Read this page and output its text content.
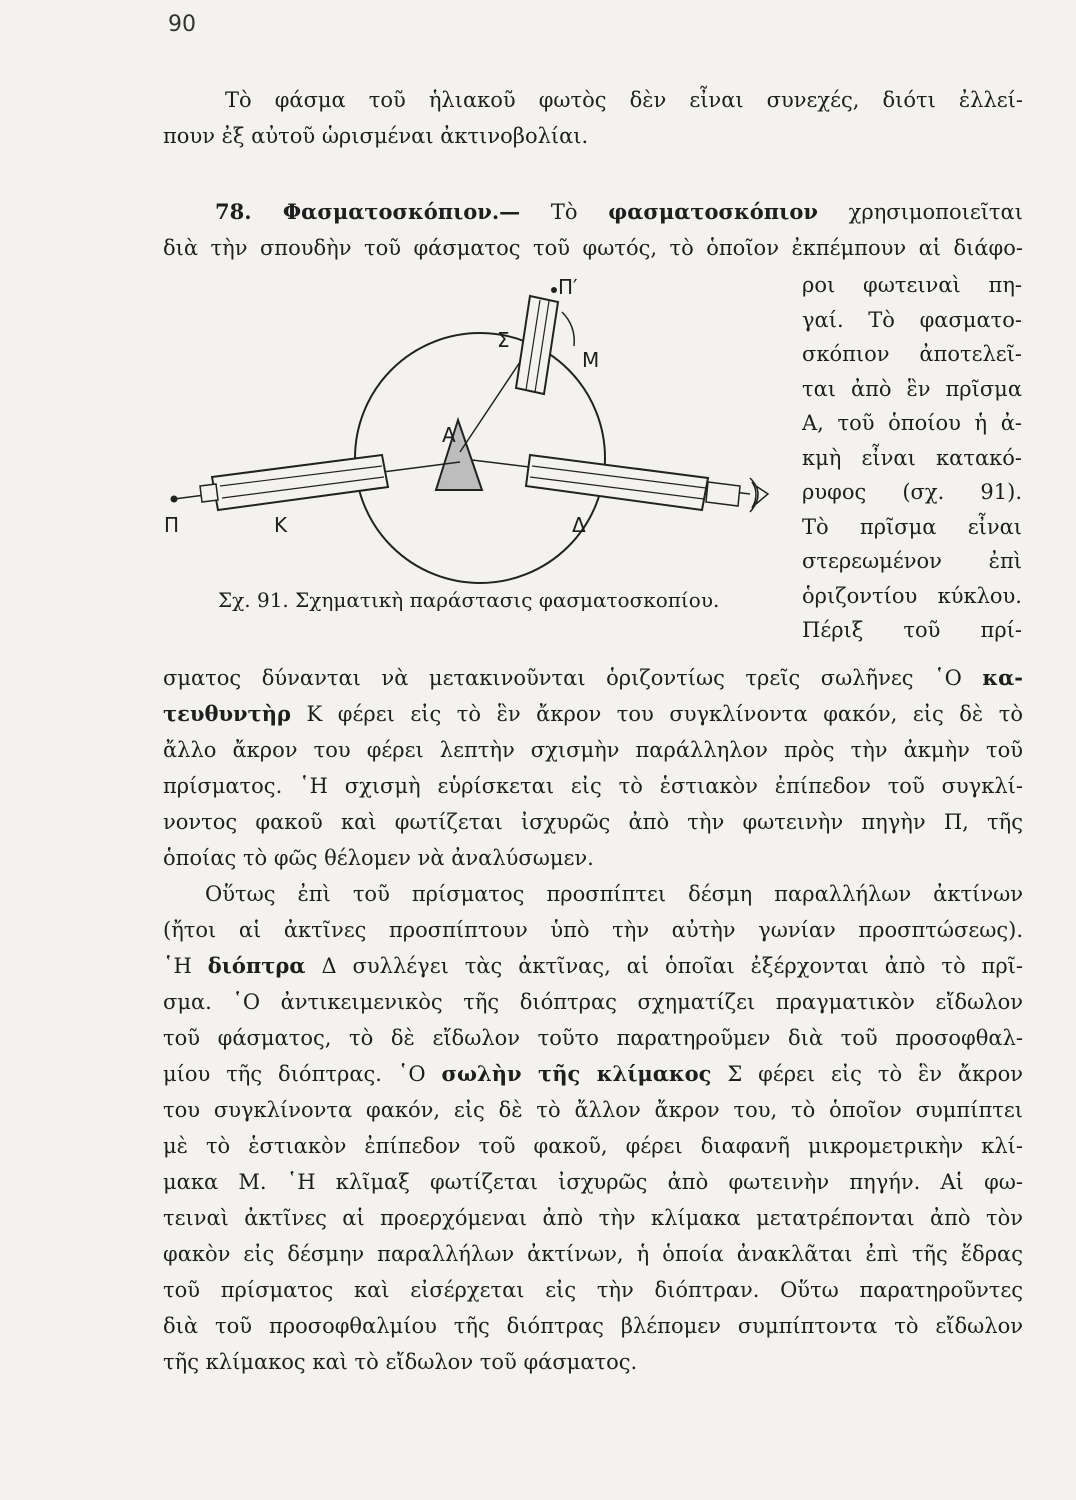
90
Τὸ φάσμα τοῦ ἡλιακοῦ φωτὸς δὲν εἶναι συνεχές, διότι ἐλλεί-
πουν ἐξ αὐτοῦ ὡρισμέναι ἀκτινοβολίαι.
78. Φασματοσκόπιον.— Τὸ φασματοσκόπιον χρησιμοποιεῖται
διὰ τὴν σπουδὴν τοῦ φάσματος τοῦ φωτός, τὸ ὁποῖον ἐκπέμπουν αἱ διάφο-
ροι φωτειναὶ πη-
γαί. Τὸ φασματο-
σκόπιον ἀποτελεῖ-
ται ἀπὸ ἓν πρῖσμα
Α, τοῦ ὁποίου ἡ ἀ-
κμὴ εἶναι κατακό-
ρυφος (σχ. 91).
Τὸ πρῖσμα εἶναι
στερεωμένον ἐπὶ
ὁριζοντίου κύκλου.
Πέριξ τοῦ πρί-
Π′
Σ
Μ
Α
Π	Κ	Δ
Σχ. 91. Σχηματικὴ παράστασις φασματοσκοπίου.
σματος δύνανται νὰ μετακινοῦνται ὁριζοντίως τρεῖς σωλῆνες ῾Ο κα-
τευθυντὴρ Κ φέρει εἰς τὸ ἓν ἄκρον του συγκλίνοντα φακόν, εἰς δὲ τὸ
ἄλλο ἄκρον του φέρει λεπτὴν σχισμὴν παράλληλον πρὸς τὴν ἀκμὴν τοῦ
πρίσματος. ῾Η σχισμὴ εὑρίσκεται εἰς τὸ ἑστιακὸν ἐπίπεδον τοῦ συγκλί-
νοντος φακοῦ καὶ φωτίζεται ἰσχυρῶς ἀπὸ τὴν φωτεινὴν πηγὴν Π, τῆς
ὁποίας τὸ φῶς θέλομεν νὰ ἀναλύσωμεν.
Οὕτως ἐπὶ τοῦ πρίσματος προσπίπτει δέσμη παραλλήλων ἀκτίνων
(ἤτοι αἱ ἀκτῖνες προσπίπτουν ὑπὸ τὴν αὐτὴν γωνίαν προσπτώσεως).
῾Η διόπτρα Δ συλλέγει τὰς ἀκτῖνας, αἱ ὁποῖαι ἐξέρχονται ἀπὸ τὸ πρῖ-
σμα. ῾Ο ἀντικειμενικὸς τῆς διόπτρας σχηματίζει πραγματικὸν εἴδωλον
τοῦ φάσματος, τὸ δὲ εἴδωλον τοῦτο παρατηροῦμεν διὰ τοῦ προσοφθαλ-
μίου τῆς διόπτρας. ῾Ο σωλὴν τῆς κλίμακος Σ φέρει εἰς τὸ ἓν ἄκρον
του συγκλίνοντα φακόν, εἰς δὲ τὸ ἄλλον ἄκρον του, τὸ ὁποῖον συμπίπτει
μὲ τὸ ἑστιακὸν ἐπίπεδον τοῦ φακοῦ, φέρει διαφανῆ μικρομετρικὴν κλί-
μακα Μ. ῾Η κλῖμαξ φωτίζεται ἰσχυρῶς ἀπὸ φωτεινὴν πηγήν. Αἱ φω-
τειναὶ ἀκτῖνες αἱ προερχόμεναι ἀπὸ τὴν κλίμακα μετατρέπονται ἀπὸ τὸν
φακὸν εἰς δέσμην παραλλήλων ἀκτίνων, ἡ ὁποία ἀνακλᾶται ἐπὶ τῆς ἕδρας
τοῦ πρίσματος καὶ εἰσέρχεται εἰς τὴν διόπτραν. Οὕτω παρατηροῦντες
διὰ τοῦ προσοφθαλμίου τῆς διόπτρας βλέπομεν συμπίπτοντα τὸ εἴδωλον
τῆς κλίμακος καὶ τὸ εἴδωλον τοῦ φάσματος.
